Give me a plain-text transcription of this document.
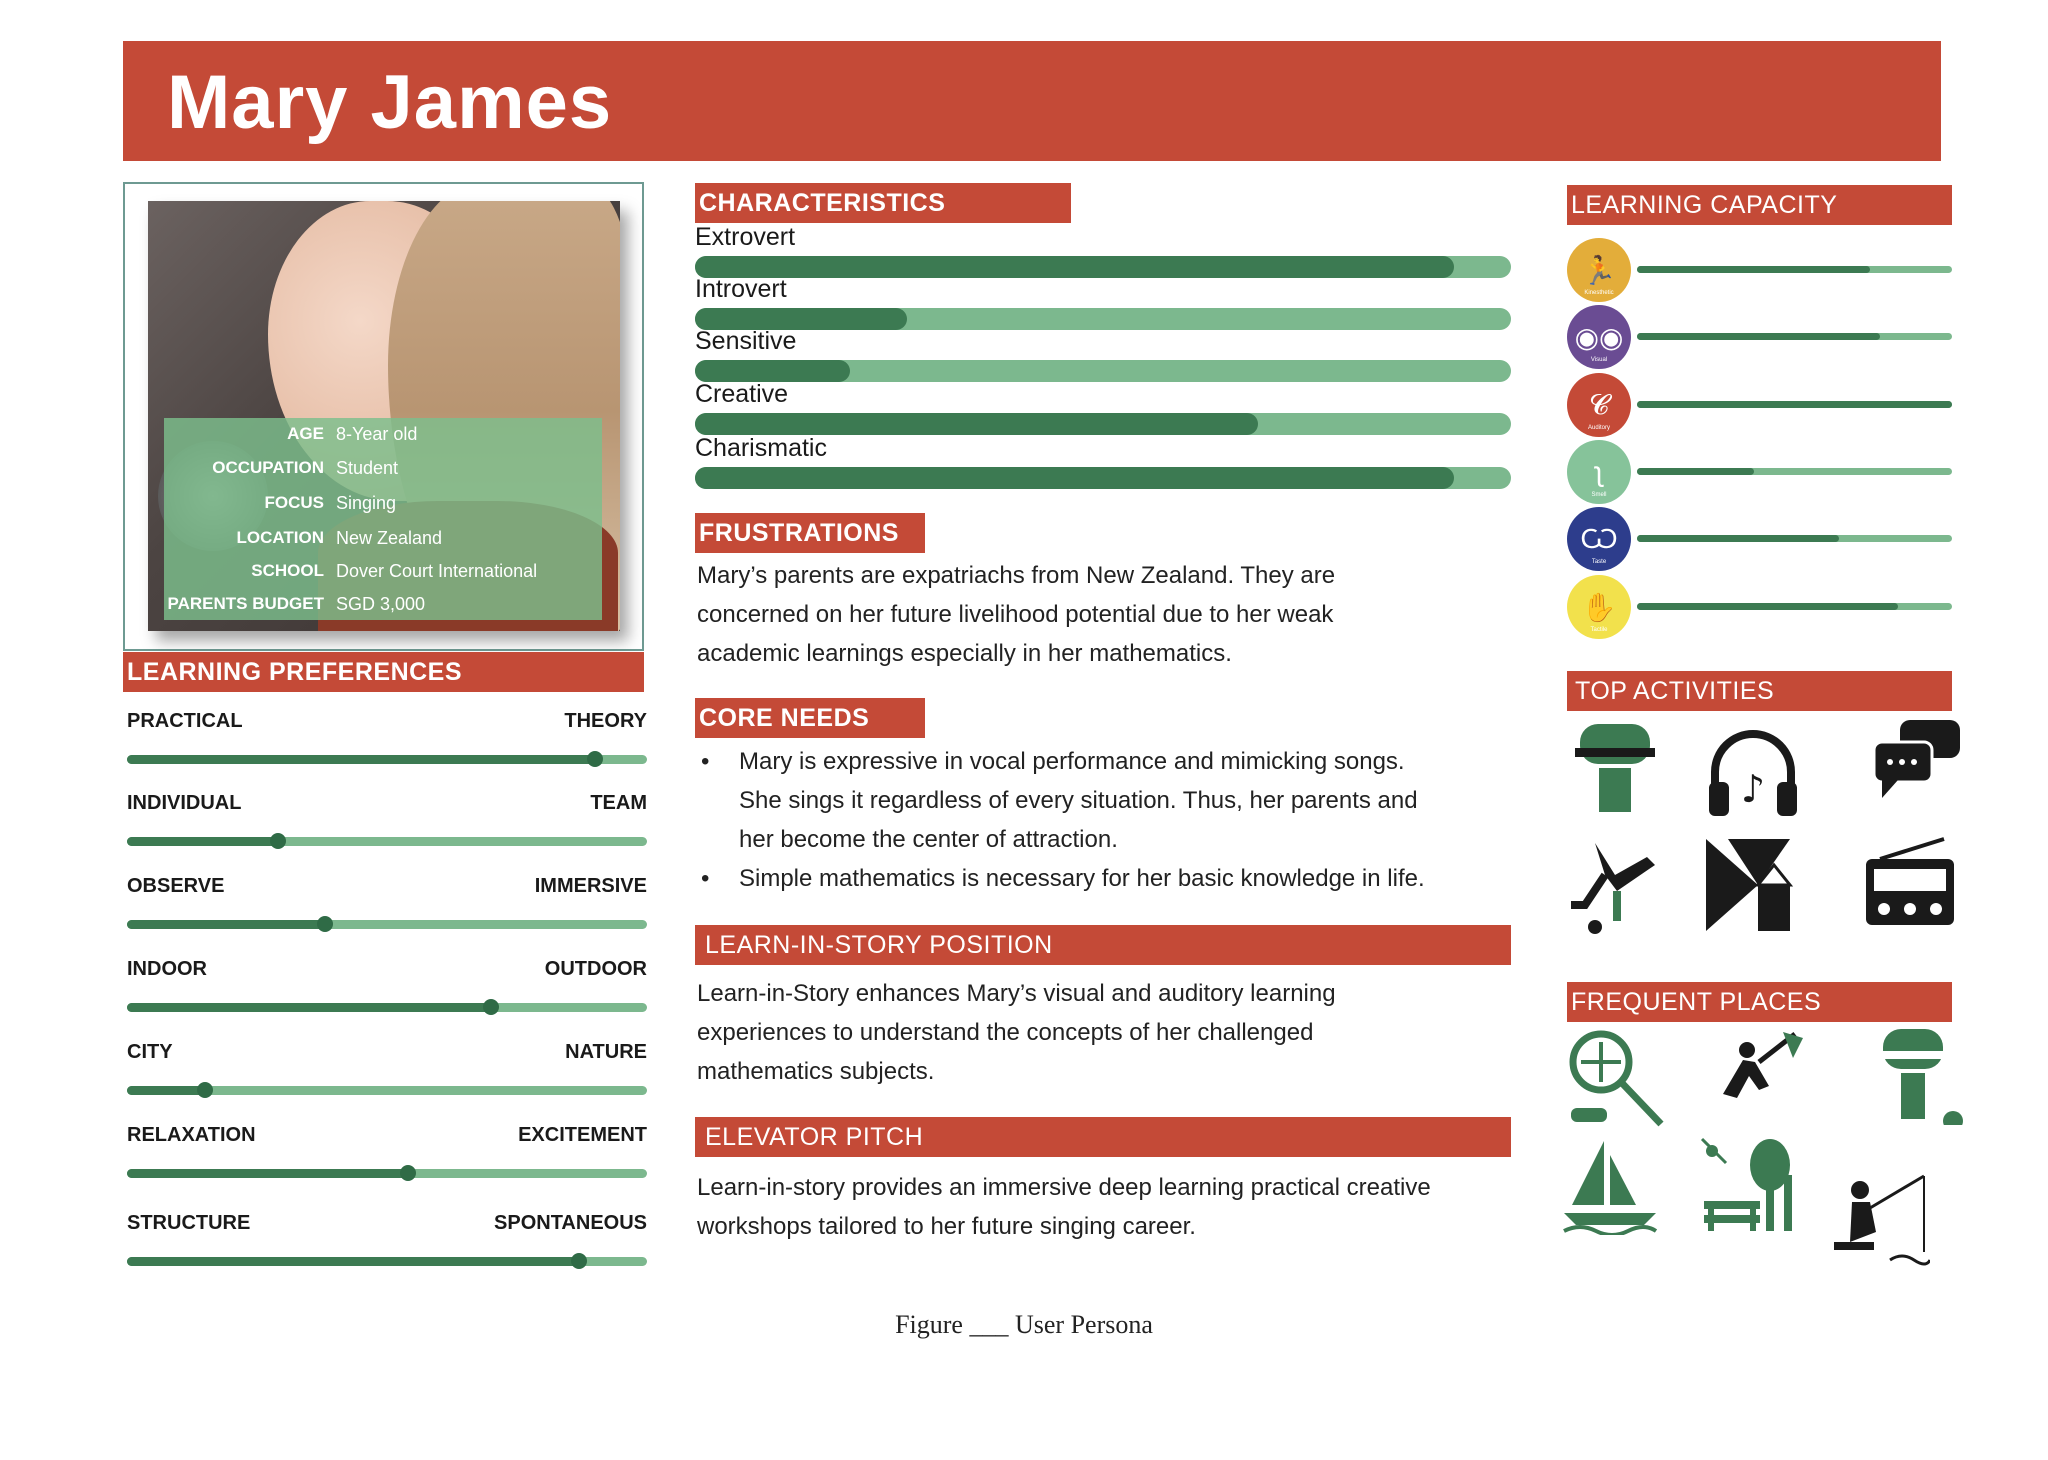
Mary James
AGE 8-Year old
OCCUPATION Student
FOCUS Singing
LOCATION New Zealand
SCHOOL Dover Court International
PARENTS BUDGET SGD 3,000
LEARNING PREFERENCES
PRACTICAL	THEORY
INDIVIDUAL	TEAM
OBSERVE	IMMERSIVE
INDOOR	OUTDOOR
CITY	NATURE
RELAXATION	EXCITEMENT
STRUCTURE	SPONTANEOUS
CHARACTERISTICS
Extrovert
Introvert
Sensitive
Creative
Charismatic
FRUSTRATIONS
Mary’s parents are expatriachs from New Zealand. They are
concerned on her future livelihood potential due to her weak
academic learnings especially in her mathematics.
CORE NEEDS
• Mary is expressive in vocal performance and mimicking songs.
She sings it regardless of every situation. Thus, her parents and
her become the center of attraction.
• Simple mathematics is necessary for her basic knowledge in life.
LEARN-IN-STORY POSITION
Learn-in-Story enhances Mary’s visual and auditory learning
experiences to understand the concepts of her challenged
mathematics subjects.
ELEVATOR PITCH
Learn-in-story provides an immersive deep learning practical creative
workshops tailored to her future singing career.
LEARNING CAPACITY
🏃
Kinesthetic
◉◉
Visual
𝓒
Auditory
ʅ
Smell
Ѡ
Taste
✋
Tactile
TOP ACTIVITIES
♪
FREQUENT PLACES
Figure ___ User Persona
